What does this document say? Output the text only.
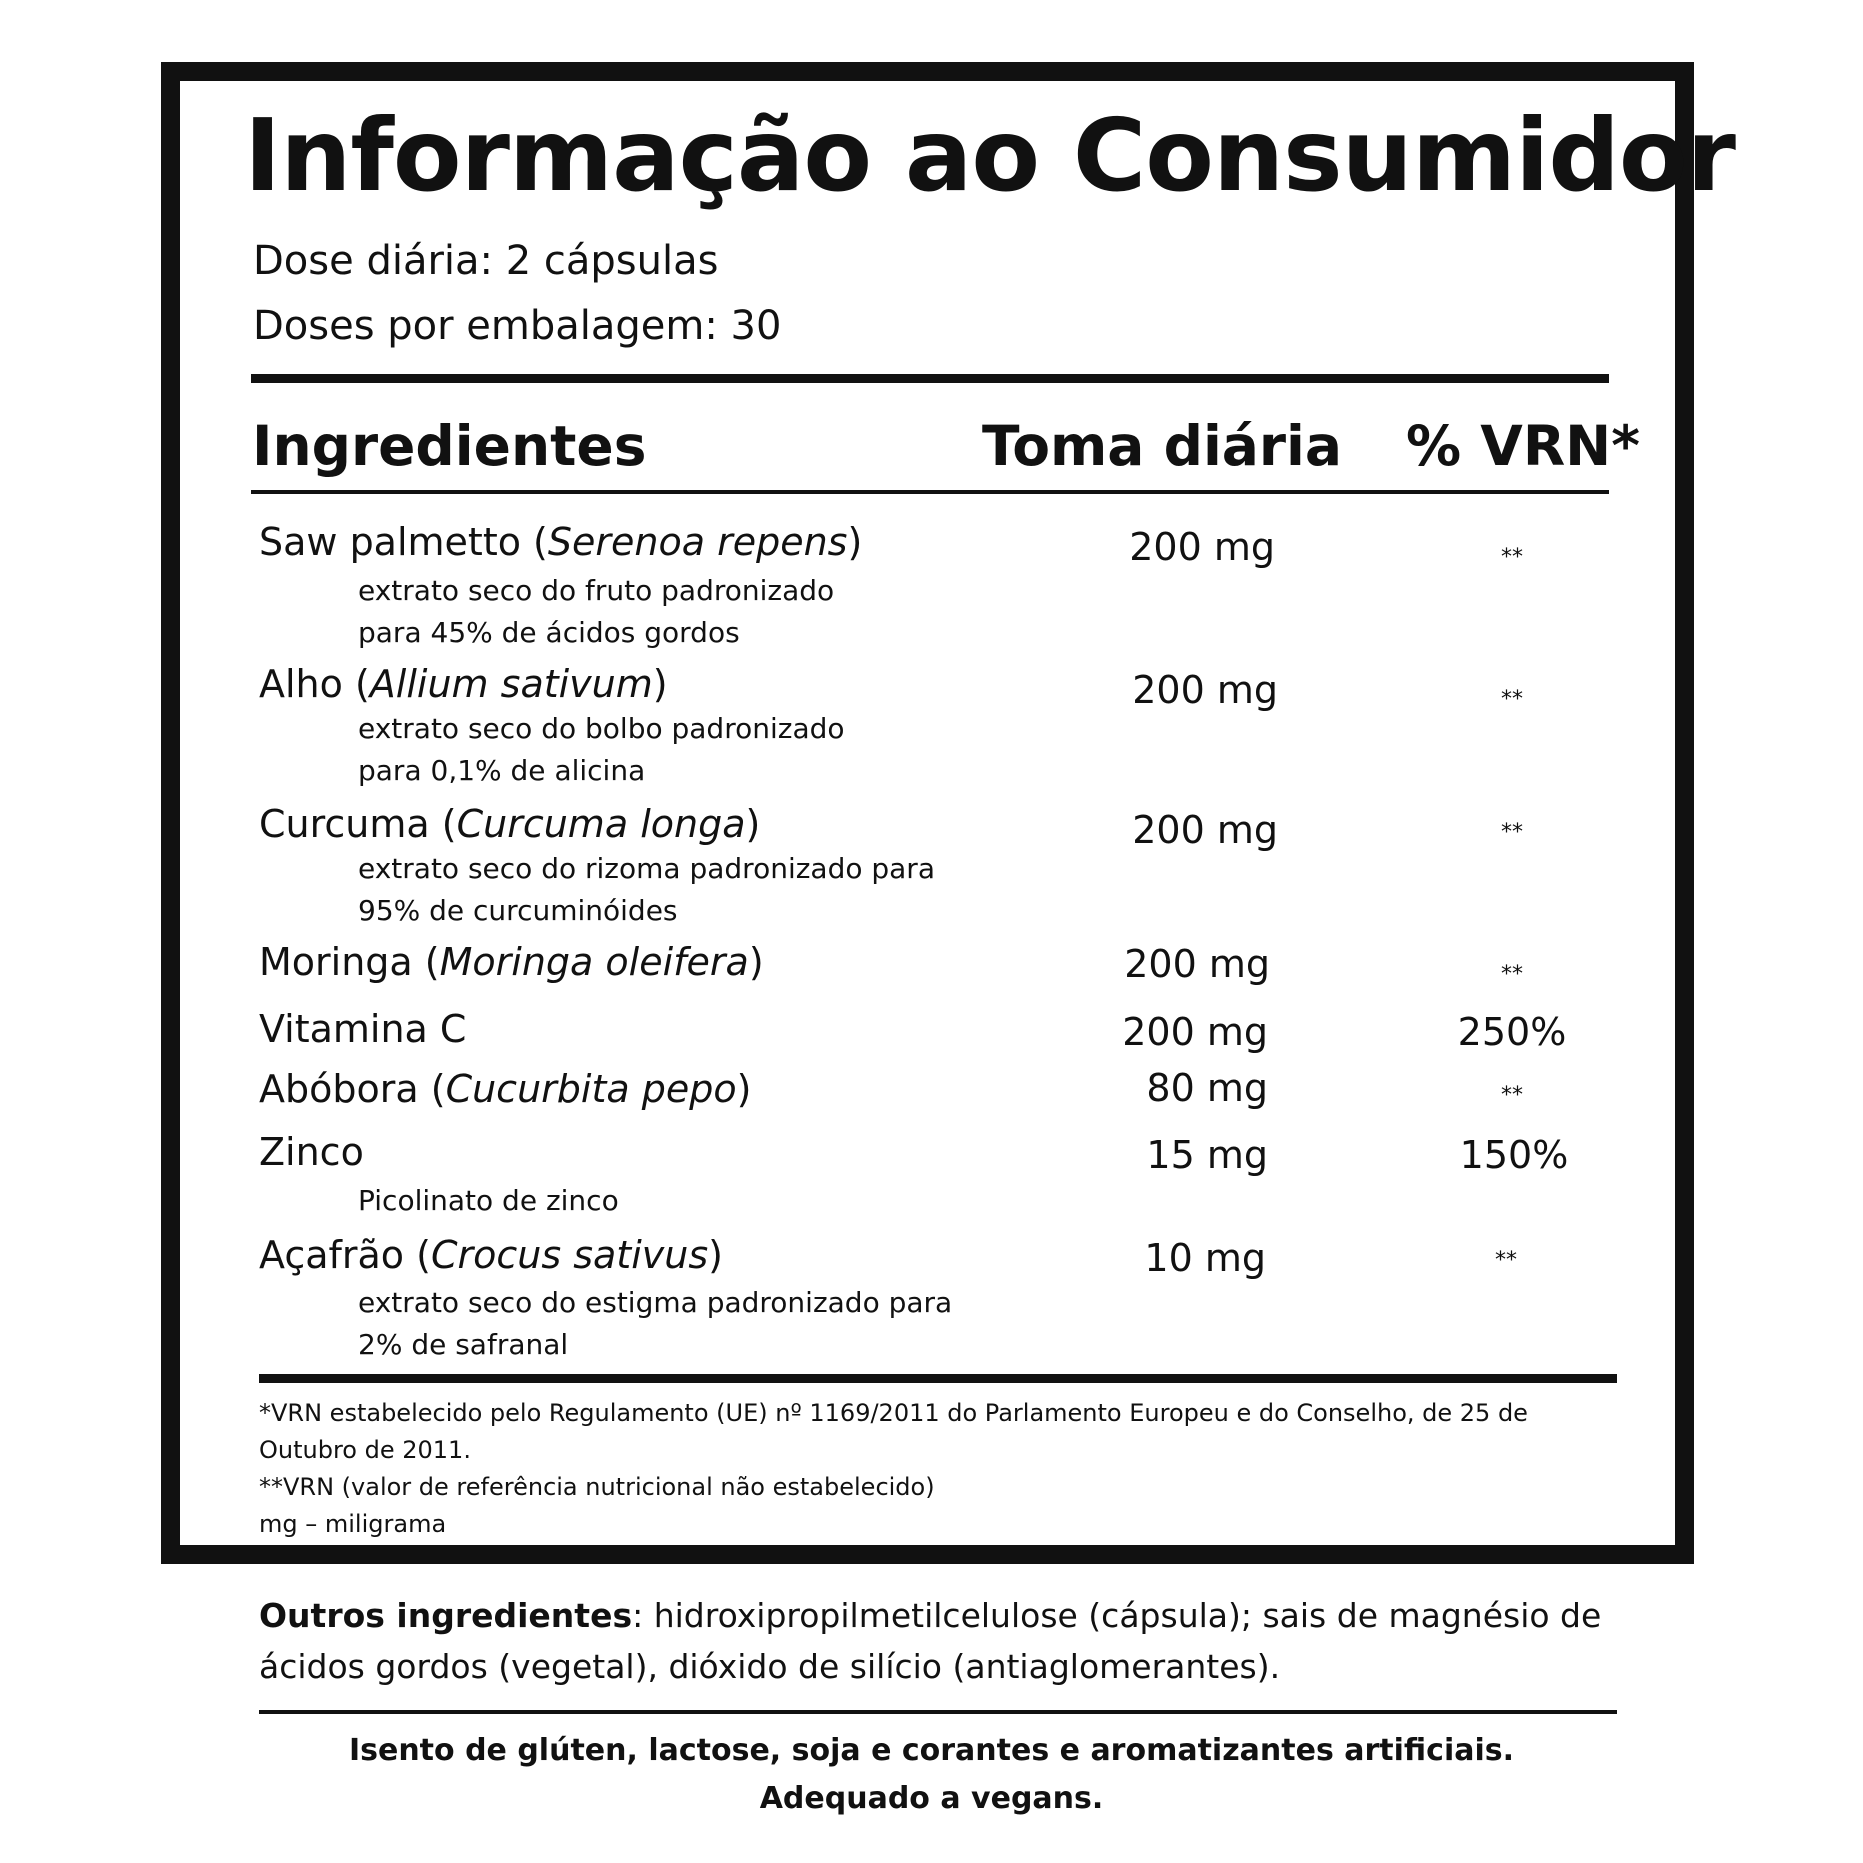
Informação ao Consumidor
Dose diária: 2 cápsulas
Doses por embalagem: 30
Ingredientes	Toma diária % VRN*
Saw palmetto (Serenoa repens)
extrato seco do fruto padronizado
para 45% de ácidos gordos
200 mg	**
Alho (Allium sativum)
extrato seco do bolbo padronizado
para 0,1% de alicina
200 mg	**
Curcuma (Curcuma longa)
extrato seco do rizoma padronizado para
95% de curcuminóides
200 mg	**
Moringa (Moringa oleifera)	200 mg	**
Vitamina C	200 mg	250%
Abóbora (Cucurbita pepo)	80 mg	**
Zinco
Picolinato de zinco
15 mg	150%
Açafrão (Crocus sativus)
extrato seco do estigma padronizado para
2% de safranal
10 mg	**
*VRN estabelecido pelo Regulamento (UE) nº 1169/2011 do Parlamento Europeu e do Conselho, de 25 de
Outubro de 2011.
**VRN (valor de referência nutricional não estabelecido)
mg – miligrama
Outros ingredientes: hidroxipropilmetilcelulose (cápsula); sais de magnésio de ácidos gordos (vegetal), dióxido de silício (antiaglomerantes).
Isento de glúten, lactose, soja e corantes e aromatizantes artificiais.
Adequado a vegans.
